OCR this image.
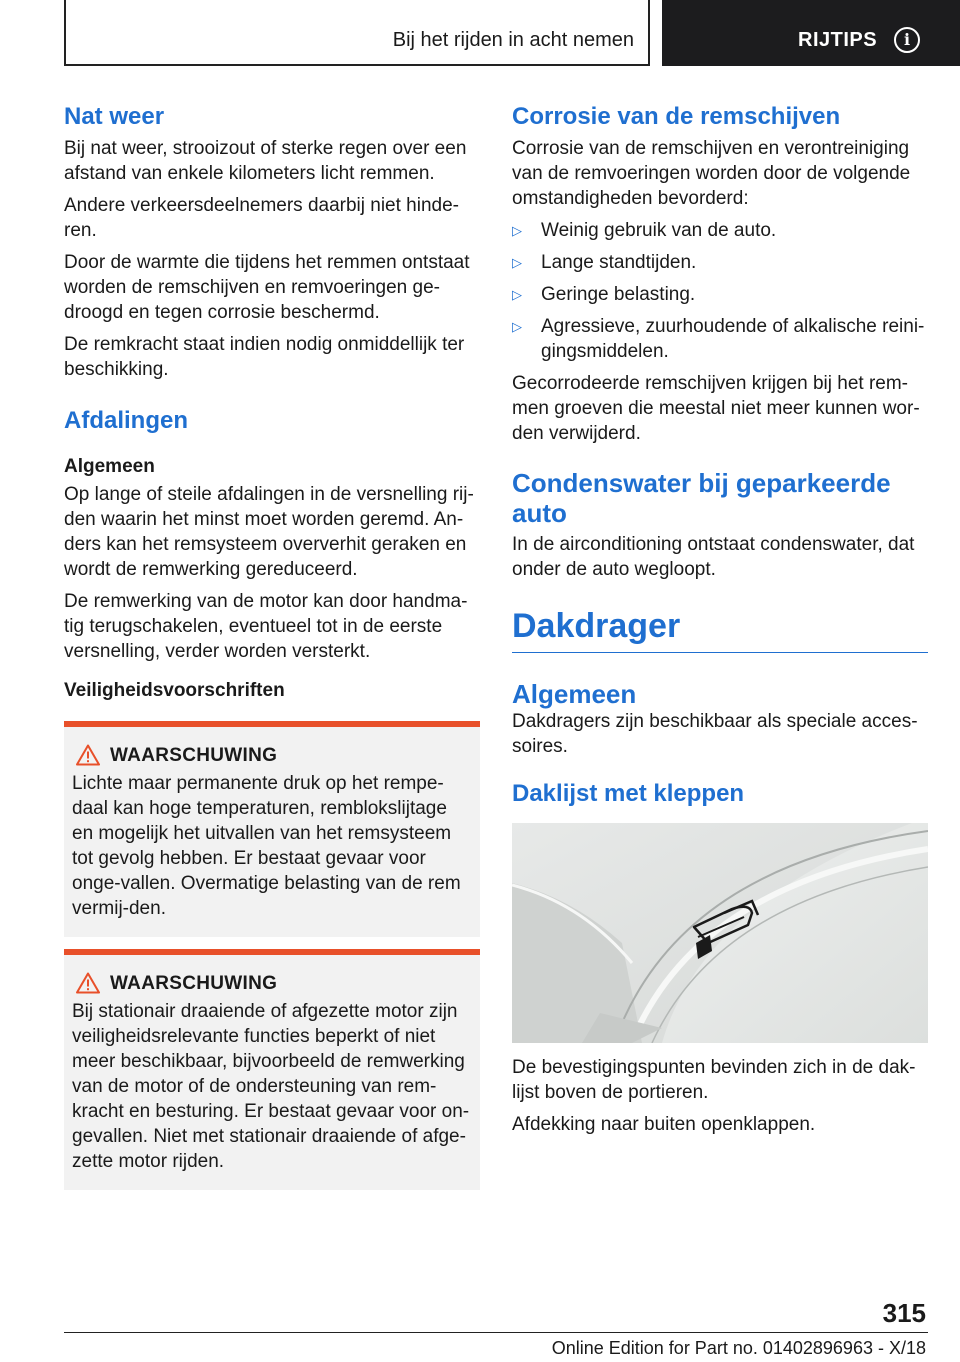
Bij het rijden in acht nemen	RIJTIPS	i
Nat weer
Bij nat weer, strooizout of sterke regen over een afstand van enkele kilometers licht remmen.
Andere verkeersdeelnemers daarbij niet hinde-ren.
Door de warmte die tijdens het remmen ontstaat worden de remschijven en remvoeringen ge-droogd en tegen corrosie beschermd.
De remkracht staat indien nodig onmiddellijk ter beschikking.
Afdalingen
Algemeen
Op lange of steile afdalingen in de versnelling rij-den waarin het minst moet worden geremd. An-ders kan het remsysteem oververhit geraken en wordt de remwerking gereduceerd.
De remwerking van de motor kan door handma-tig terugschakelen, eventueel tot in de eerste versnelling, verder worden versterkt.
Veiligheidsvoorschriften
WAARSCHUWING
Lichte maar permanente druk op het rempe-daal kan hoge temperaturen, remblokslijtage en mogelijk het uitvallen van het remsysteem tot gevolg hebben. Er bestaat gevaar voor onge-vallen. Overmatige belasting van de rem vermij-den.
WAARSCHUWING
Bij stationair draaiende of afgezette motor zijn veiligheidsrelevante functies beperkt of niet meer beschikbaar, bijvoorbeeld de remwerking van de motor of de ondersteuning van rem-kracht en besturing. Er bestaat gevaar voor on-gevallen. Niet met stationair draaiende of afge-zette motor rijden.
Corrosie van de remschijven
Corrosie van de remschijven en verontreiniging van de remvoeringen worden door de volgende omstandigheden bevorderd:
▷ Weinig gebruik van de auto.
▷ Lange standtijden.
▷ Geringe belasting.
▷ Agressieve, zuurhoudende of alkalische reini-gingsmiddelen.
Gecorrodeerde remschijven krijgen bij het rem-men groeven die meestal niet meer kunnen wor-den verwijderd.
Condenswater bij geparkeerde auto
In de airconditioning ontstaat condenswater, dat onder de auto wegloopt.
Dakdrager
Algemeen
Dakdragers zijn beschikbaar als speciale acces-soires.
Daklijst met kleppen
De bevestigingspunten bevinden zich in de dak-lijst boven de portieren.
Afdekking naar buiten openklappen.
315
Online Edition for Part no. 01402896963 - X/18
